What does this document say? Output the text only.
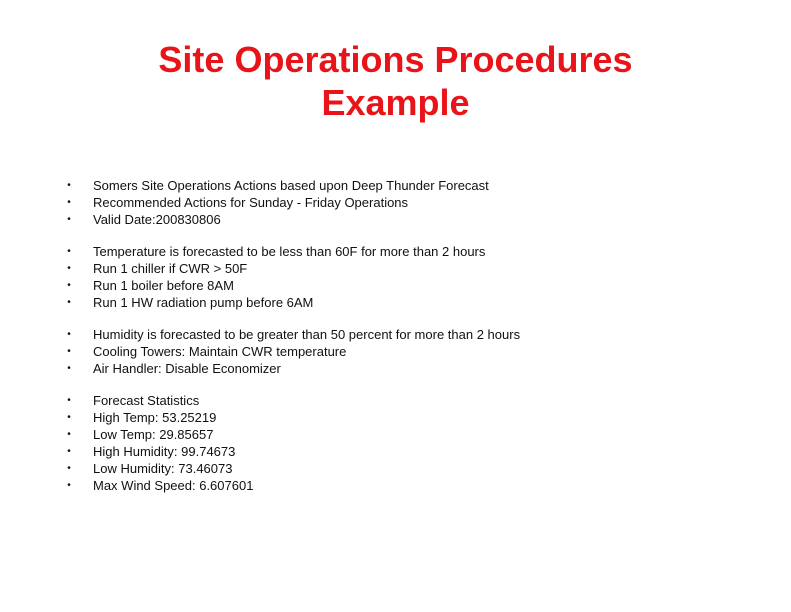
Site Operations Procedures
Example
• Somers Site Operations Actions based upon Deep Thunder Forecast
• Recommended Actions for Sunday - Friday Operations
• Valid Date:200830806
• Temperature is forecasted to be less than 60F for more than 2 hours
• Run 1 chiller if CWR > 50F
• Run 1 boiler before 8AM
• Run 1 HW radiation pump before 6AM
• Humidity is forecasted to be greater than 50 percent for more than 2 hours
• Cooling Towers: Maintain CWR temperature
• Air Handler: Disable Economizer
• Forecast Statistics
• High Temp: 53.25219
• Low Temp: 29.85657
• High Humidity: 99.74673
• Low Humidity: 73.46073
• Max Wind Speed: 6.607601
